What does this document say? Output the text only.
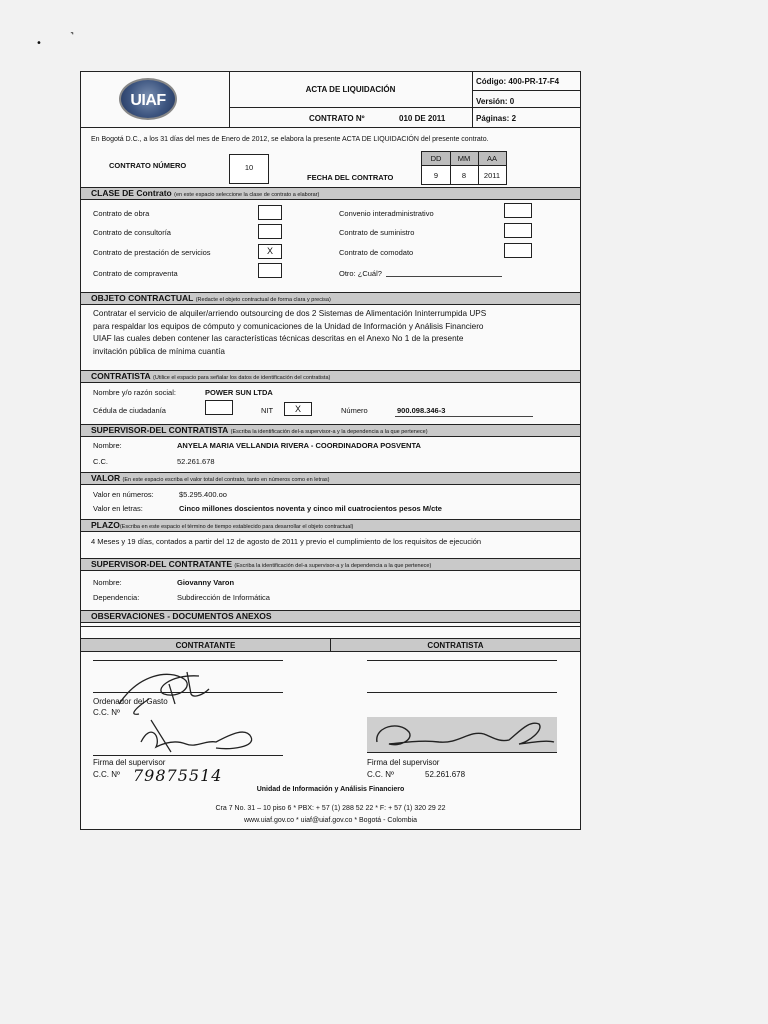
• ˺
UIAF
ACTA DE LIQUIDACIÓN
CONTRATO Nº	010 DE 2011
Código: 400-PR-17-F4
Versión: 0
Páginas: 2
En Bogotá D.C., a los 31 días del mes de Enero de 2012, se elabora la presente ACTA DE LIQUIDACIÓN del presente contrato.
CONTRATO NÚMERO	10
FECHA DEL CONTRATO
DD	MM	AA
9	8	2011
CLASE DE Contrato (en este espacio seleccione la clase de contrato a elaborar)
Contrato de obra
Contrato de consultoría
Contrato de prestación de servicios	X
Contrato de compraventa
Convenio interadministrativo
Contrato de suministro
Contrato de comodato
Otro: ¿Cuál?
OBJETO CONTRACTUAL (Redacte el objeto contractual de forma clara y precisa)
Contratar el servicio de alquiler/arriendo outsourcing de dos 2 Sistemas de Alimentación Ininterrumpida UPS
para respaldar los equipos de cómputo y comunicaciones de la Unidad de Información y Análisis Financiero
UIAF las cuales deben contener las características técnicas descritas en el Anexo No 1 de la presente
invitación pública de mínima cuantía
CONTRATISTA (Utilice el espacio para señalar los datos de identificación del contratista)
Nombre y/o razón social:	POWER SUN LTDA
Cédula de ciudadanía	NIT	X	Número	900.098.346-3
SUPERVISOR-DEL CONTRATISTA (Escriba la identificación del-a supervisor-a y la dependencia a la que pertenece)
Nombre:	ANYELA MARIA VELLANDIA RIVERA - COORDINADORA POSVENTA
C.C.	52.261.678
VALOR (En este espacio escriba el valor total del contrato, tanto en números como en letras)
Valor en números:	$5.295.400.oo
Valor en letras:	Cinco millones doscientos noventa y cinco mil cuatrocientos pesos M/cte
PLAZO(Escriba en este espacio el término de tiempo establecido para desarrollar el objeto contractual)
4 Meses y 19 días, contados a partir del 12 de agosto de 2011 y previo el cumplimiento de los requisitos de ejecución
SUPERVISOR-DEL CONTRATANTE (Escriba la identificación del-a supervisor-a y la dependencia a la que pertenece)
Nombre:	Giovanny Varon
Dependencia:	Subdirección de Informática
OBSERVACIONES - DOCUMENTOS ANEXOS
CONTRATANTE	CONTRATISTA
Ordenador del Gasto
C.C. Nº
Firma del supervisor
C.C. Nº 79875514
Firma del supervisor
C.C. Nº	52.261.678
Unidad de Información y Análisis Financiero
Cra 7 No. 31 – 10 piso 6 * PBX: + 57 (1) 288 52 22 * F: + 57 (1) 320 29 22
www.uiaf.gov.co * uiaf@uiaf.gov.co * Bogotá - Colombia
